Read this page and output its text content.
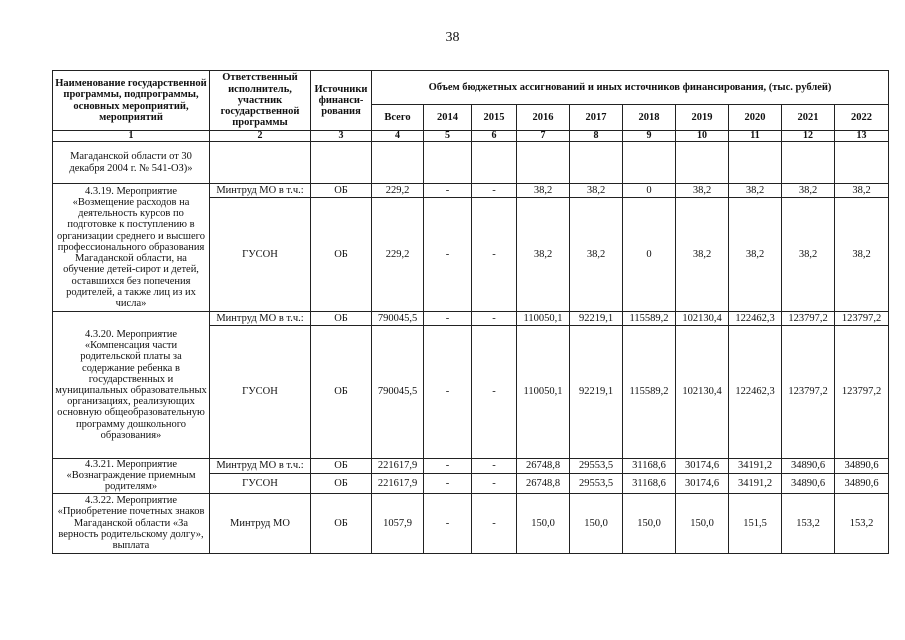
38
Наименование государственной программы, подпрограммы, основных мероприятий, мероприятий	Ответственный исполнитель, участник государственной программы	Источники финанси-рования	Объем бюджетных ассигнований и иных источников финансирования, (тыс. рублей)									
			Всего	2014	2015	2016	2017	2018	2019	2020	2021	2022
1	2	3	4	5	6	7	8	9	10	11	12	13
Магаданской области от 30 декабря 2004 г. № 541-ОЗ)»												
4.3.19. Мероприятие «Возмещение расходов на деятельность курсов по подготовке к поступлению в организации среднего и высшего профессионального образования Магаданской области, на обучение детей-сирот и детей, оставшихся без попечения родителей, а также лиц из их числа»	Минтруд МО в т.ч.:	ОБ	229,2	-	-	38,2	38,2	0	38,2	38,2	38,2	38,2
	ГУСОН	ОБ	229,2	-	-	38,2	38,2	0	38,2	38,2	38,2	38,2
4.3.20. Мероприятие «Компенсация части родительской платы за содержание ребенка в государственных и муниципальных образовательных организациях, реализующих основную общеобразовательную программу дошкольного образования»	Минтруд МО в т.ч.:	ОБ	790045,5	-	-	110050,1	92219,1	115589,2	102130,4	122462,3	123797,2	123797,2
	ГУСОН	ОБ	790045,5	-	-	110050,1	92219,1	115589,2	102130,4	122462,3	123797,2	123797,2
4.3.21. Мероприятие «Вознаграждение приемным родителям»	Минтруд МО в т.ч.:	ОБ	221617,9	-	-	26748,8	29553,5	31168,6	30174,6	34191,2	34890,6	34890,6
	ГУСОН	ОБ	221617,9	-	-	26748,8	29553,5	31168,6	30174,6	34191,2	34890,6	34890,6
4.3.22. Мероприятие «Приобретение почетных знаков Магаданской области «За верность родительскому долгу», выплата	Минтруд МО	ОБ	1057,9	-	-	150,0	150,0	150,0	150,0	151,5	153,2	153,2
